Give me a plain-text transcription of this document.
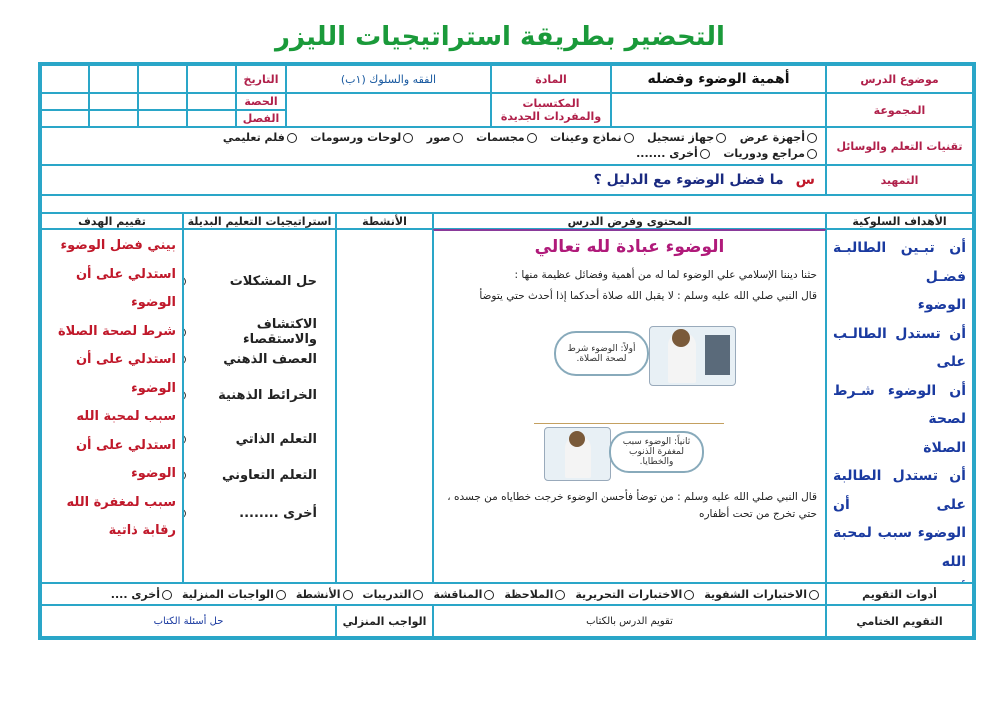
التحضير بطريقة استراتيجيات الليزر
موضوع الدرس
أهمية الوضوء وفضله
المادة
الفقه والسلوك (١ب)
التاريخ
المجموعة
المكتسبات والمفردات الجديدة
الحصة
الفصل
تقنيات التعلم والوسائل
أجهزة عرض جهاز تسجيل نماذج وعينات مجسمات صور لوحات ورسومات فلم تعليمي
مراجع ودوريات أخرى .......
التمهيد
س
ما فضل الوضوء مع الدليل ؟
الأهداف السلوكية
المحتوى وفرض الدرس
الأنشطة
استراتيجيات التعليم البديلة
تقييم الهدف
أن تبـين الطالبـة فضـل
الوضوء
أن تستدل الطالـب على
أن الوضوء شـرط لصحة
الصلاة
أن تستدل الطالبة على أن
الوضوء سبب لمحبة الله
الوضوء عبادة لله تعالي
حثنا ديننا الإسلامي علي الوضوء لما له من أهمية وفضائل عظيمة منها :
قال النبي صلي الله عليه وسلم : لا يقبل الله صلاة أحدكما إذا أحدث حتي يتوضأ
أولاً: الوضوء شرط لصحة الصلاة.
ثانياً: الوضوء سبب لمغفرة الذنوب والخطايا.
قال النبي صلي الله عليه وسلم : من توضأ فأحسن الوضوء خرجت خطاياه من جسده ، حتي تخرج من تحت أظفاره
حل المشكلات
الاكتشاف والاستقصاء
العصف الذهني
الخرائط الذهنية
التعلم الذاتي
التعلم التعاوني
أخرى ........
بيني فضل الوضوء
استدلي على أن الوضوء
شرط لصحة الصلاة
استدلي على أن الوضوء
سبب لمحبة الله
استدلي على أن الوضوء
سبب لمغفرة الله
رقابة ذاتية
أدوات التقويم
الاختبارات الشفوية
الاختبارات التحريرية
الملاحظة
المناقشة
التدريبات
الأنشطة
الواجبات المنزلية
أخرى ....
التقويم الختامي
تقويم الدرس بالكتاب
الواجب المنزلي
حل أسئلة الكتاب
